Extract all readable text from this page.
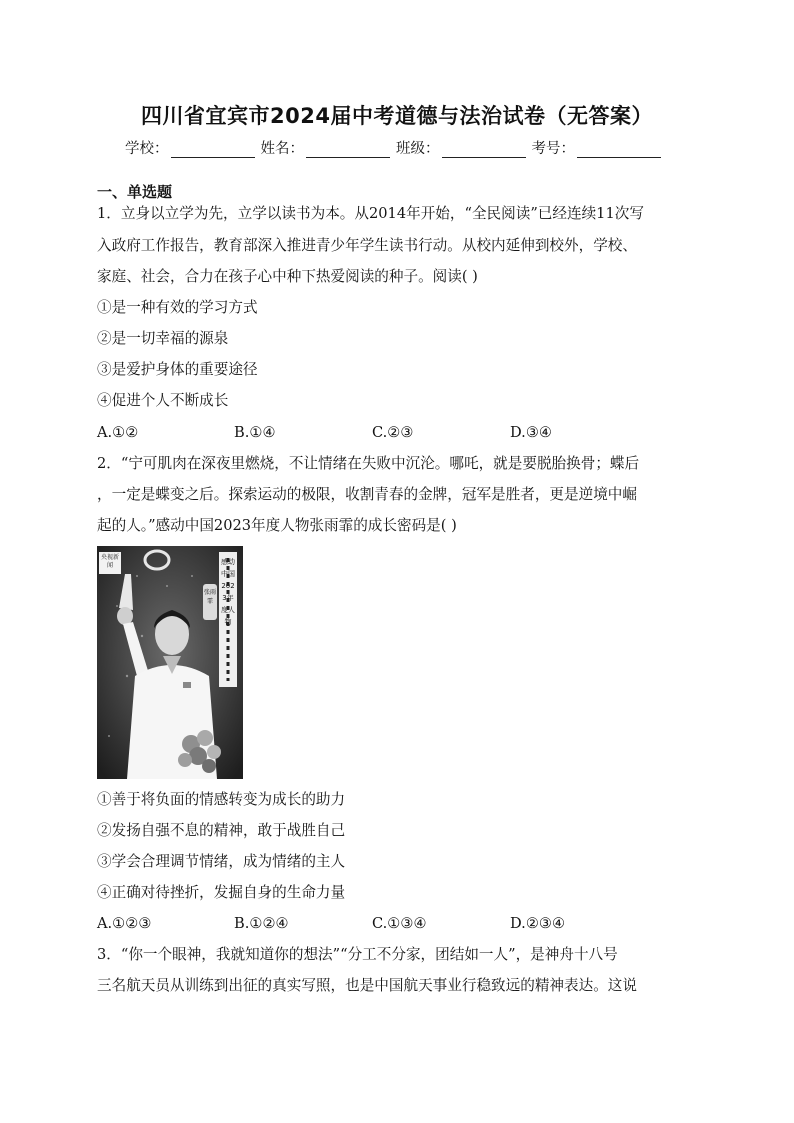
四川省宜宾市2024届中考道德与法治试卷（无答案）
学校：	姓名：	班级：	考号：
一、单选题
1．立身以立学为先，立学以读书为本。从2014年开始，“全民阅读”已经连续11次写
入政府工作报告，教育部深入推进青少年学生读书行动。从校内延伸到校外，学校、
家庭、社会，合力在孩子心中种下热爱阅读的种子。阅读( )
①是一种有效的学习方式
②是一切幸福的源泉
③是爱护身体的重要途径
④促进个人不断成长
A.①②	B.①④	C.②③	D.③④
2．“宁可肌肉在深夜里燃烧，不让情绪在失败中沉沦。哪吒，就是要脱胎换骨；蝶后
，一定是蝶变之后。探索运动的极限，收割青春的金牌，冠军是胜者，更是逆境中崛
起的人。”感动中国2023年度人物张雨霏的成长密码是( )
央视新闻	感动中国2023年度人物
张雨霏
①善于将负面的情感转变为成长的助力
②发扬自强不息的精神，敢于战胜自己
③学会合理调节情绪，成为情绪的主人
④正确对待挫折，发掘自身的生命力量
A.①②③	B.①②④	C.①③④	D.②③④
3．“你一个眼神，我就知道你的想法”“分工不分家，团结如一人”，是神舟十八号
三名航天员从训练到出征的真实写照，也是中国航天事业行稳致远的精神表达。这说
